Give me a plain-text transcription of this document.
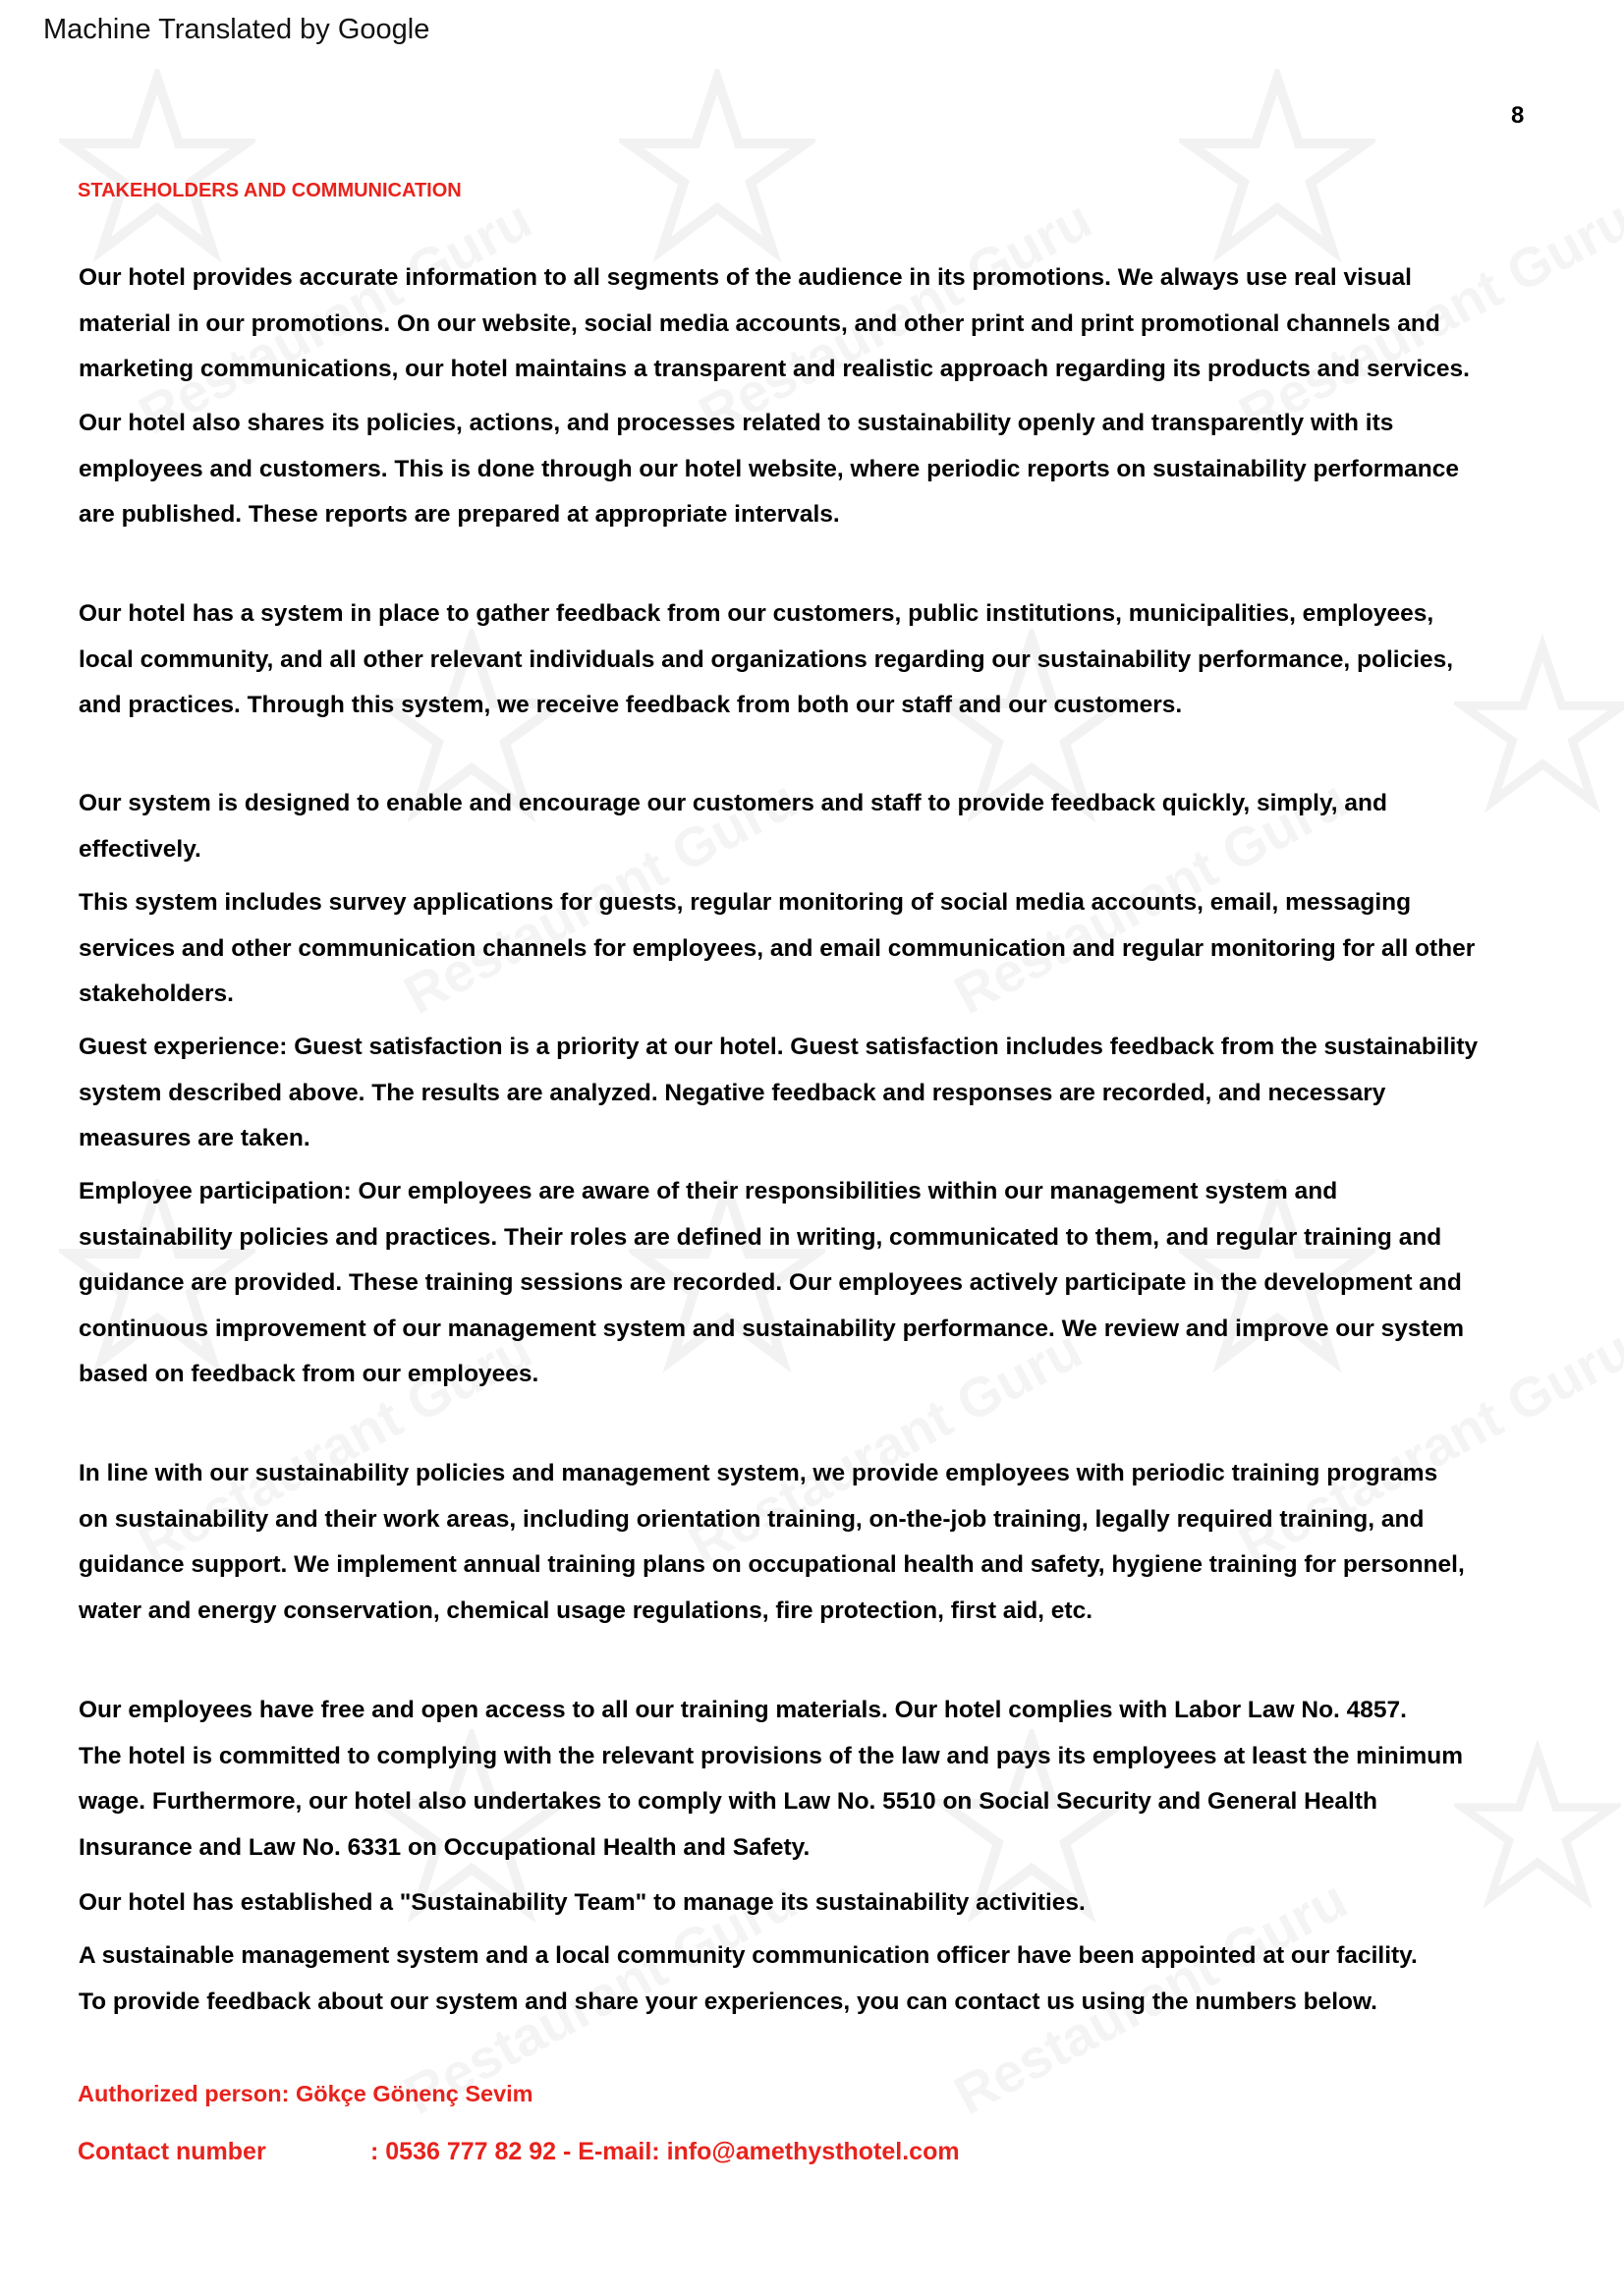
Machine Translated by Google
8
STAKEHOLDERS AND COMMUNICATION
Our hotel provides accurate information to all segments of the audience in its promotions. We always use real visual
material in our promotions. On our website, social media accounts, and other print and print promotional channels and
marketing communications, our hotel maintains a transparent and realistic approach regarding its products and services.
Our hotel also shares its policies, actions, and processes related to sustainability openly and transparently with its
employees and customers. This is done through our hotel website, where periodic reports on sustainability performance
are published. These reports are prepared at appropriate intervals.
Our hotel has a system in place to gather feedback from our customers, public institutions, municipalities, employees,
local community, and all other relevant individuals and organizations regarding our sustainability performance, policies,
and practices. Through this system, we receive feedback from both our staff and our customers.
Our system is designed to enable and encourage our customers and staff to provide feedback quickly, simply, and
effectively.
This system includes survey applications for guests, regular monitoring of social media accounts, email, messaging
services and other communication channels for employees, and email communication and regular monitoring for all other
stakeholders.
Guest experience: Guest satisfaction is a priority at our hotel. Guest satisfaction includes feedback from the sustainability
system described above. The results are analyzed. Negative feedback and responses are recorded, and necessary
measures are taken.
Employee participation: Our employees are aware of their responsibilities within our management system and
sustainability policies and practices. Their roles are defined in writing, communicated to them, and regular training and
guidance are provided. These training sessions are recorded. Our employees actively participate in the development and
continuous improvement of our management system and sustainability performance. We review and improve our system
based on feedback from our employees.
In line with our sustainability policies and management system, we provide employees with periodic training programs
on sustainability and their work areas, including orientation training, on-the-job training, legally required training, and
guidance support. We implement annual training plans on occupational health and safety, hygiene training for personnel,
water and energy conservation, chemical usage regulations, fire protection, first aid, etc.
Our employees have free and open access to all our training materials. Our hotel complies with Labor Law No. 4857.
The hotel is committed to complying with the relevant provisions of the law and pays its employees at least the minimum
wage. Furthermore, our hotel also undertakes to comply with Law No. 5510 on Social Security and General Health
Insurance and Law No. 6331 on Occupational Health and Safety.
Our hotel has established a "Sustainability Team" to manage its sustainability activities.
A sustainable management system and a local community communication officer have been appointed at our facility.
To provide feedback about our system and share your experiences, you can contact us using the numbers below.
Authorized person: Gökçe Gönenç Sevim
Contact number	: 0536 777 82 92 - E-mail: info@amethysthotel.com
